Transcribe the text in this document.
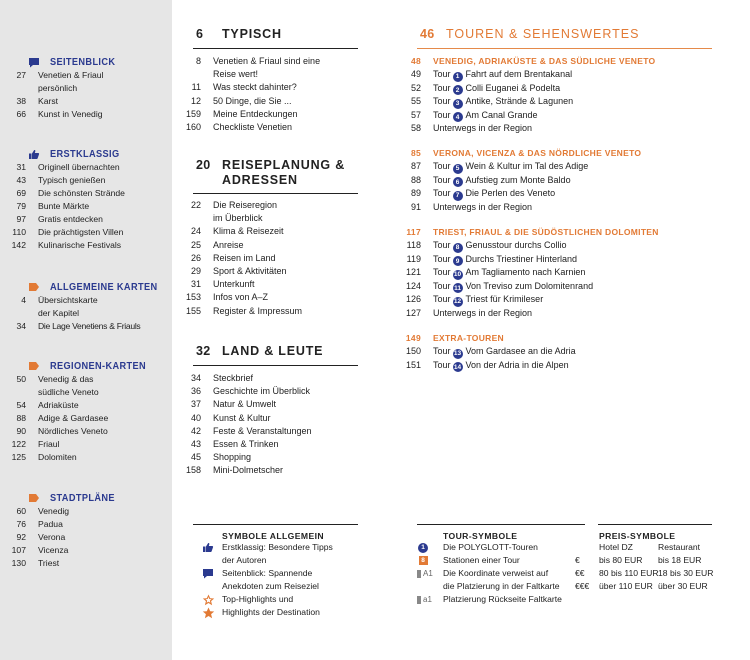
SEITENBLICK
27	Venetien & Friaul
persönlich
38	Karst
66	Kunst in Venedig
ERSTKLASSIG
31	Originell übernachten
43	Typisch genießen
69	Die schönsten Strände
79	Bunte Märkte
97	Gratis entdecken
110	Die prächtigsten Villen
142	Kulinarische Festivals
ALLGEMEINE KARTEN
4	Übersichtskarte
der Kapitel
34	Die Lage Venetiens & Friauls
REGIONEN-KARTEN
50	Venedig & das
südliche Veneto
54	Adriaküste
88	Adige & Gardasee
90	Nördliches Veneto
122	Friaul
125	Dolomiten
STADTPLÄNE
60	Venedig
76	Padua
92	Verona
107	Vicenza
130	Triest
6	TYPISCH
8	Venetien & Friaul sind eine
Reise wert!
11	Was steckt dahinter?
12	50 Dinge, die Sie ...
159	Meine Entdeckungen
160	Checkliste Venetien
20 REISEPLANUNG &
ADRESSEN
22	Die Reiseregion
im Überblick
24	Klima & Reisezeit
25	Anreise
26	Reisen im Land
29	Sport & Aktivitäten
31	Unterkunft
153	Infos von A–Z
155	Register & Impressum
32 LAND & LEUTE
34	Steckbrief
36	Geschichte im Überblick
37	Natur & Umwelt
40	Kunst & Kultur
42	Feste & Veranstaltungen
43	Essen & Trinken
45	Shopping
158	Mini-Dolmetscher
46 TOUREN & SEHENSWERTES
48	VENEDIG, ADRIAKÜSTE & DAS SÜDLICHE VENETO
49	Tour 1 Fahrt auf dem Brentakanal
52	Tour 2 Colli Euganei & Podelta
55	Tour 3 Antike, Strände & Lagunen
57	Tour 4 Am Canal Grande
58	Unterwegs in der Region
85	VERONA, VICENZA & DAS NÖRDLICHE VENETO
87	Tour 5 Wein & Kultur im Tal des Adige
88	Tour 6 Aufstieg zum Monte Baldo
89	Tour 7 Die Perlen des Veneto
91	Unterwegs in der Region
117	TRIEST, FRIAUL & DIE SÜDÖSTLICHEN DOLOMITEN
118	Tour 8 Genusstour durchs Collio
119	Tour 9 Durchs Triestiner Hinterland
121	Tour 10 Am Tagliamento nach Karnien
124	Tour 11 Von Treviso zum Dolomitenrand
126	Tour 12 Triest für Krimileser
127	Unterwegs in der Region
149	EXTRA-TOUREN
150	Tour 13 Vom Gardasee an die Adria
151	Tour 14 Von der Adria in die Alpen
SYMBOLE ALLGEMEIN
Erstklassig: Besondere Tipps
der Autoren
Seitenblick: Spannende
Anekdoten zum Reiseziel
Top-Highlights und
Highlights der Destination
TOUR-SYMBOLE
1	Die POLYGLOTT-Touren
8	Stationen einer Tour
A1 Die Koordinate verweist auf
die Platzierung in der Faltkarte
a1 Platzierung Rückseite Faltkarte
PREIS-SYMBOLE
Hotel DZ	Restaurant
€	bis 80 EUR	bis 18 EUR
€€	80 bis 110 EUR 18 bis 30 EUR
€€€	über 110 EUR über 30 EUR
